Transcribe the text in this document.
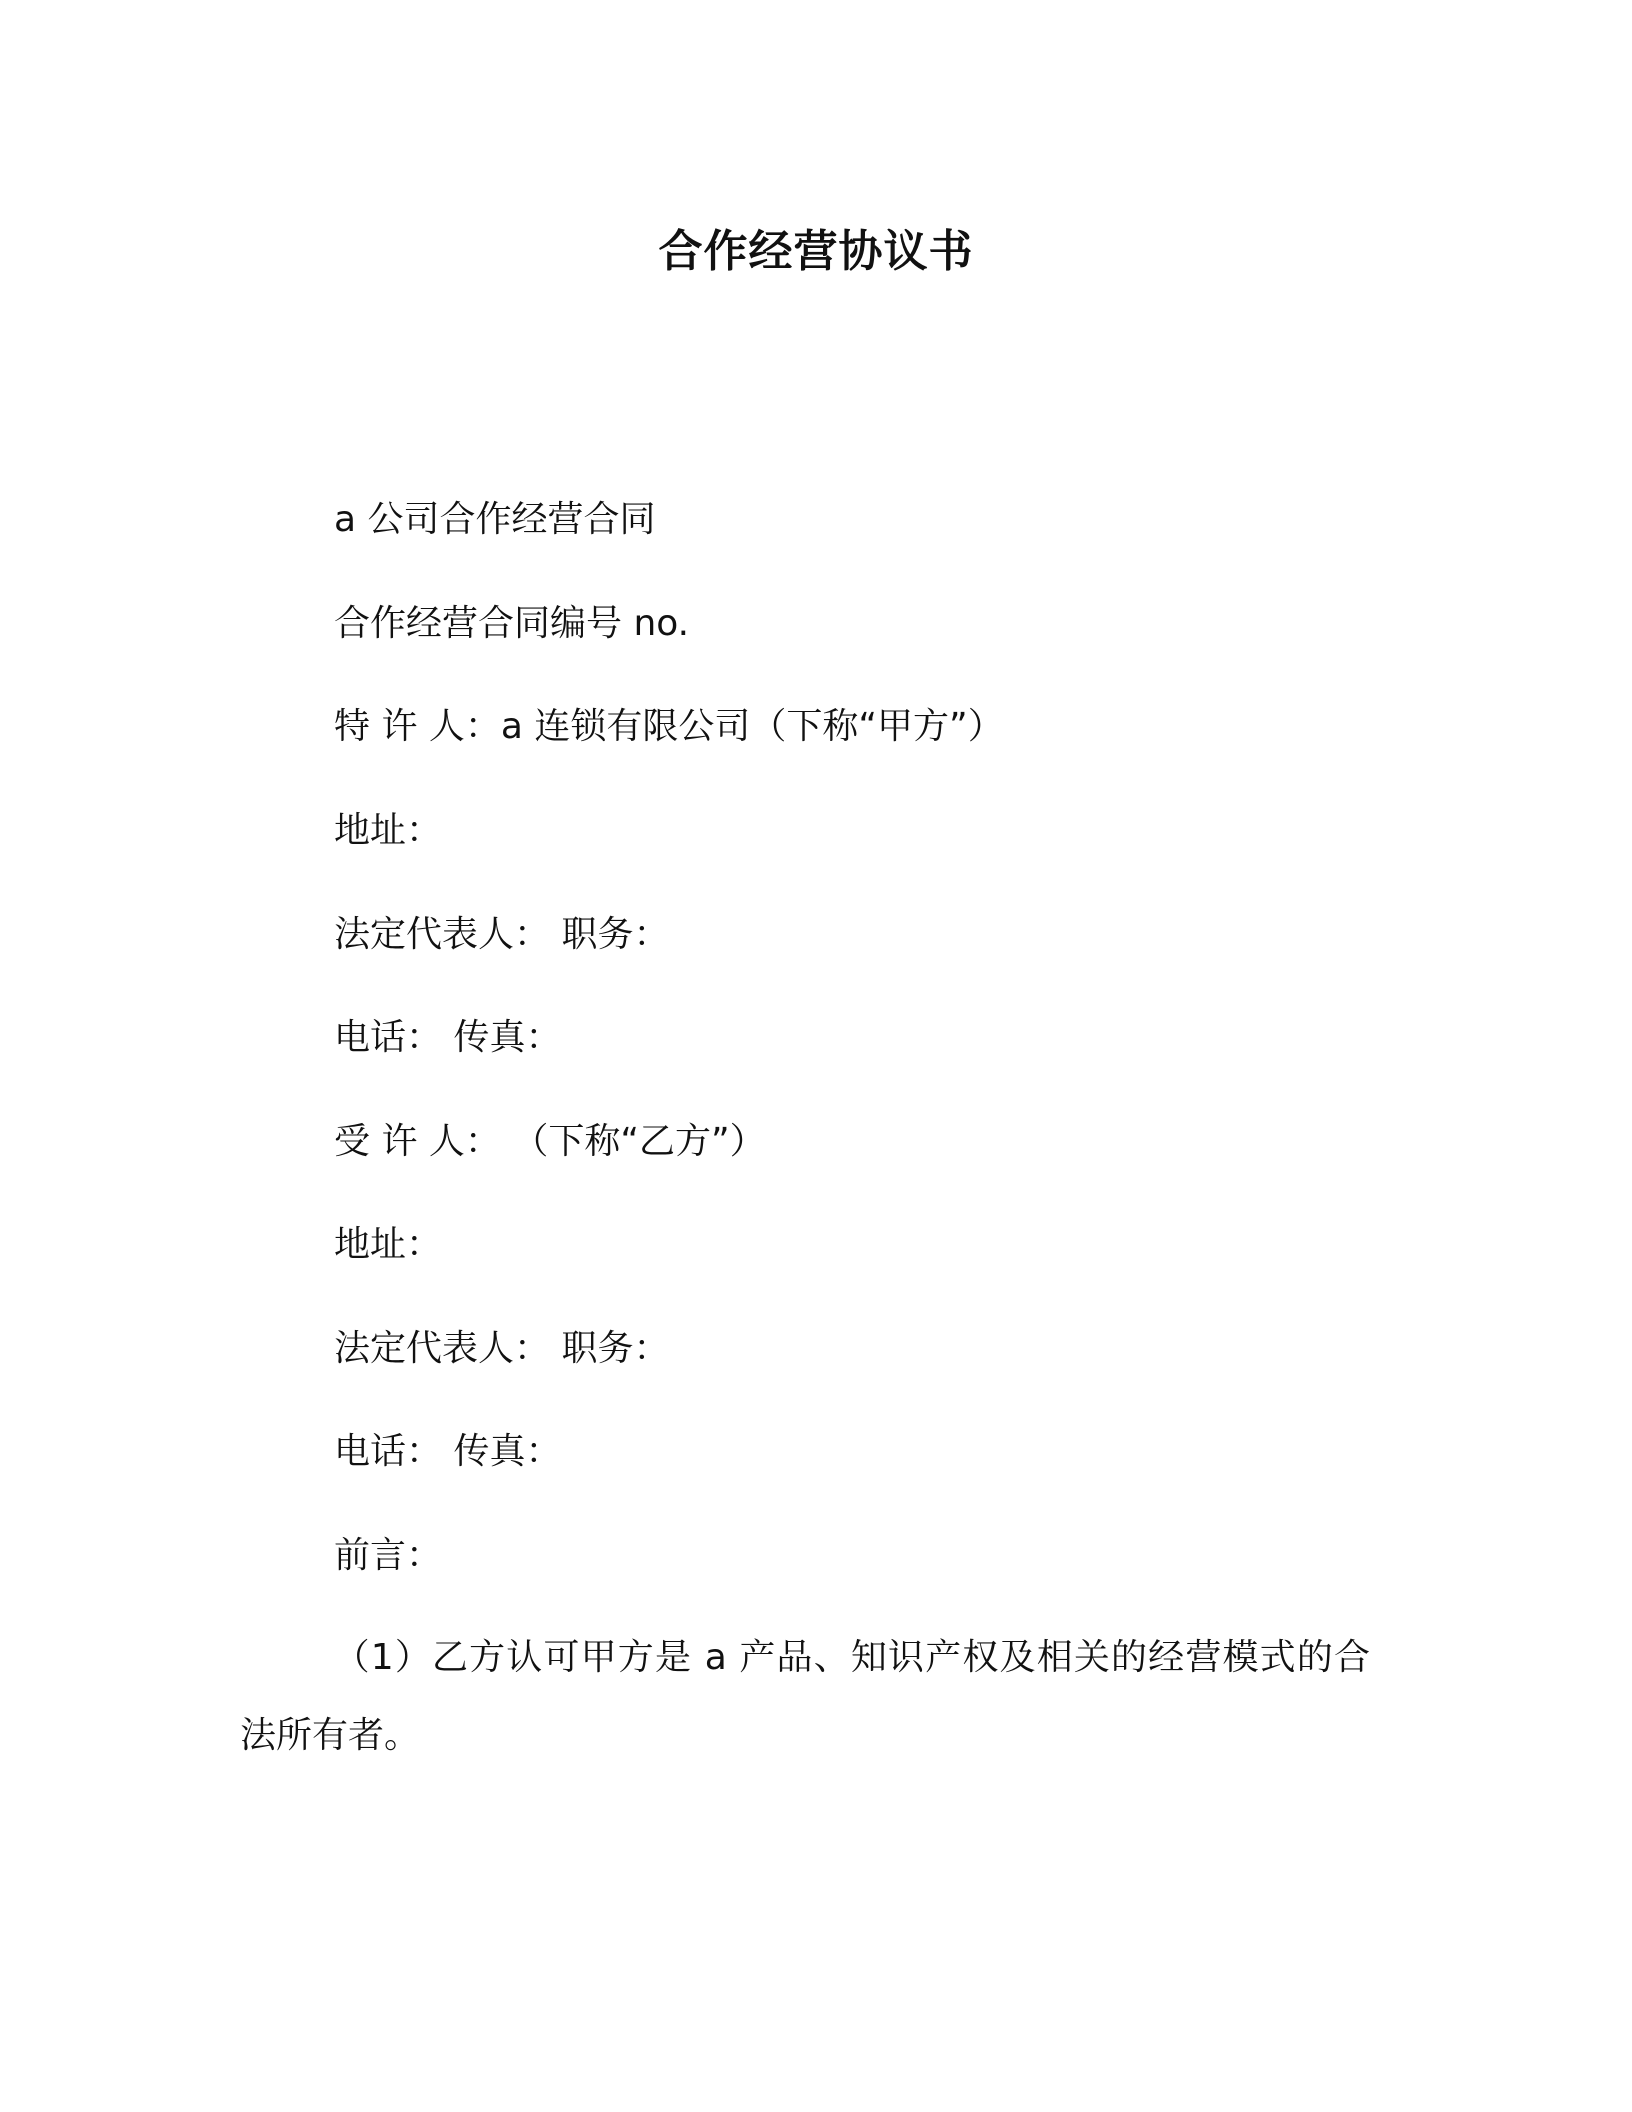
合作经营协议书
a 公司合作经营合同
合作经营合同编号 no.
特 许 人：a 连锁有限公司（下称“甲方”）
地址：
法定代表人： 职务：
电话： 传真：
受 许 人： （下称“乙方”）
地址：
法定代表人： 职务：
电话： 传真：
前言：
（1）乙方认可甲方是 a 产品、知识产权及相关的经营模式的合法所有者。
